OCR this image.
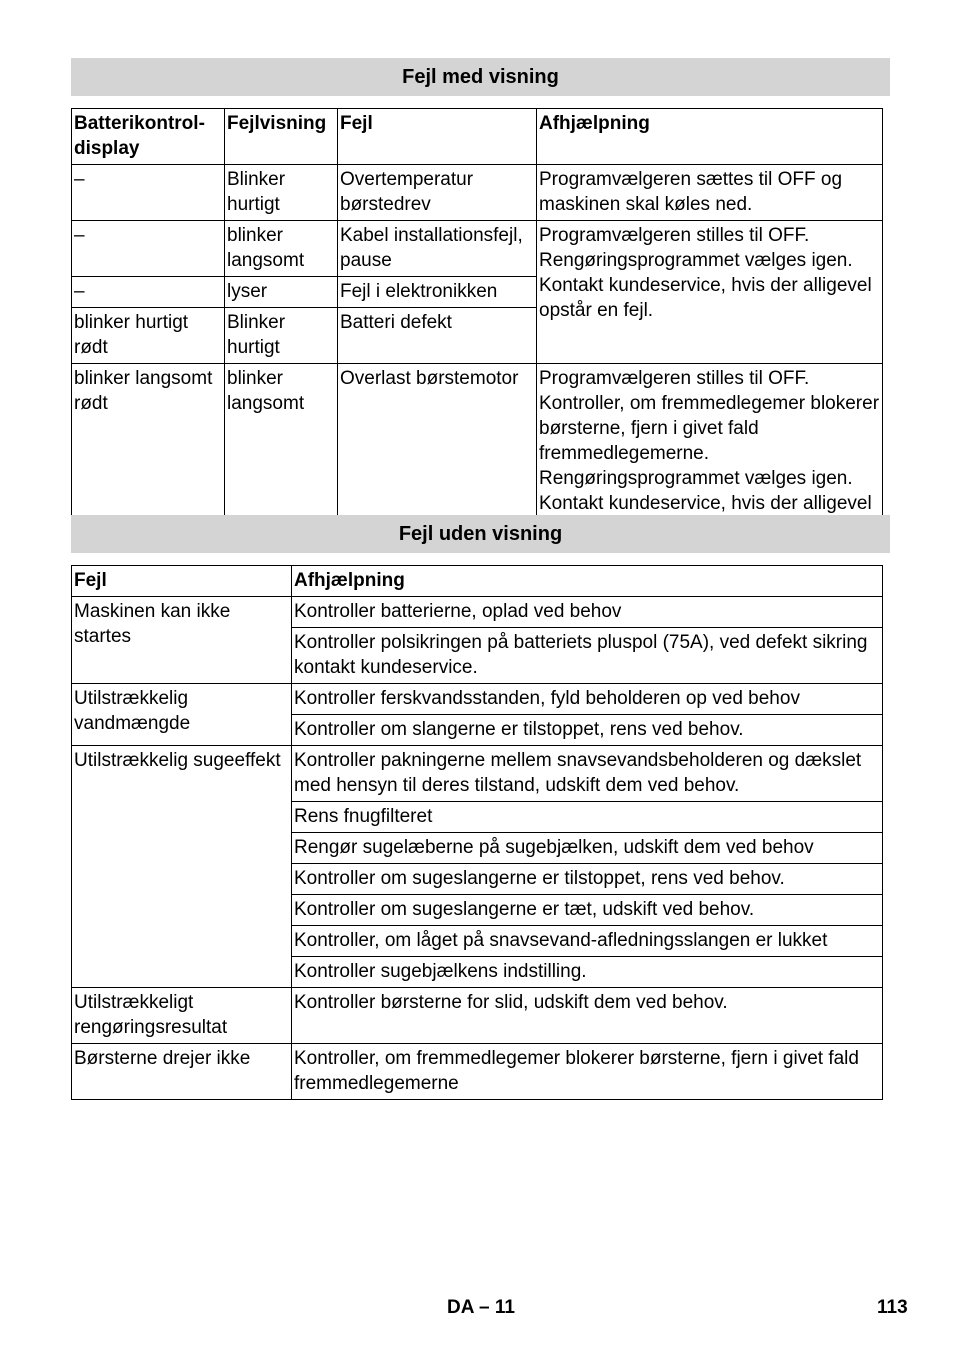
Fejl med visning
Batterikontrol-display	Fejlvisning	Fejl	Afhjælpning
–	Blinker hurtigt	Overtemperatur børstedrev	Programvælgeren sættes til OFF og maskinen skal køles ned.
–	blinker langsomt	Kabel installationsfejl, pause	Programvælgeren stilles til OFF. Rengøringsprogrammet vælges igen. Kontakt kundeservice, hvis der alligevel opstår en fejl.
–	lyser	Fejl i elektronikken	
blinker hurtigt rødt	Blinker hurtigt	Batteri defekt	
blinker langsomt rødt	blinker langsomt	Overlast børstemotor	Programvælgeren stilles til OFF. Kontroller, om fremmedlegemer blokerer børsterne, fjern i givet fald fremmedlegemerne. Rengøringsprogrammet vælges igen. Kontakt kundeservice, hvis der alligevel
Fejl uden visning
Fejl	Afhjælpning
Maskinen kan ikke startes	Kontroller batterierne, oplad ved behov
	Kontroller polsikringen på batteriets pluspol (75A), ved defekt sikring kontakt kundeservice.
Utilstrækkelig vandmængde	Kontroller ferskvandsstanden, fyld beholderen op ved behov
	Kontroller om slangerne er tilstoppet, rens ved behov.
Utilstrækkelig sugeeffekt	Kontroller pakningerne mellem snavsevandsbeholderen og dækslet med hensyn til deres tilstand, udskift dem ved behov.
	Rens fnugfilteret
	Rengør sugelæberne på sugebjælken, udskift dem ved behov
	Kontroller om sugeslangerne er tilstoppet, rens ved behov.
	Kontroller om sugeslangerne er tæt, udskift ved behov.
	Kontroller, om låget på snavsevand-afledningsslangen er lukket
	Kontroller sugebjælkens indstilling.
Utilstrækkeligt rengøringsresultat	Kontroller børsterne for slid, udskift dem ved behov.
Børsterne drejer ikke	Kontroller, om fremmedlegemer blokerer børsterne, fjern i givet fald fremmedlegemerne
DA – 11	113
